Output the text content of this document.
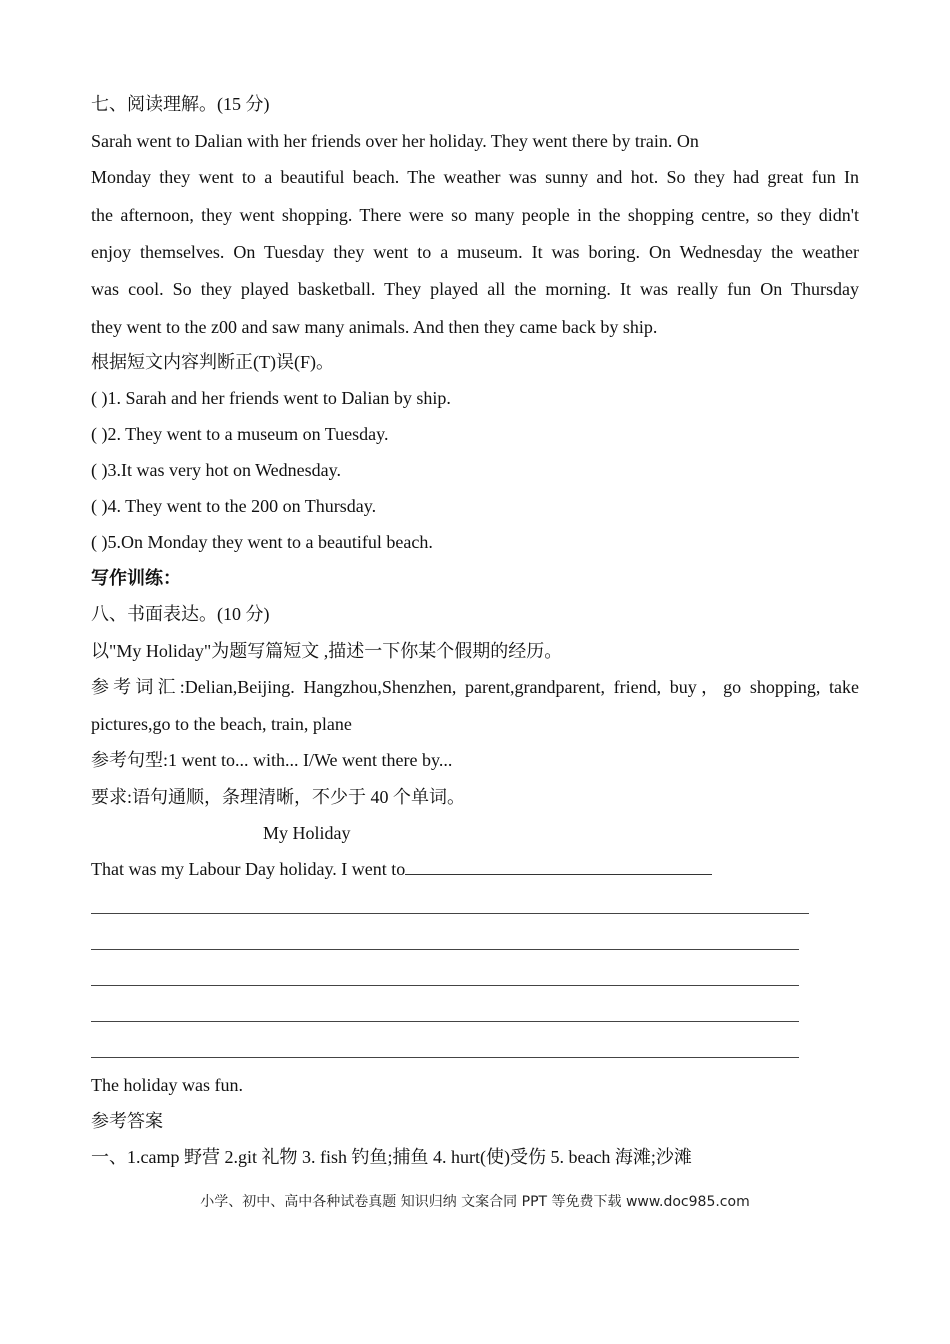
七、阅读理解。(15 分)
Sarah went to Dalian with her friends over her holiday. They went there by train. On
Monday they went to a beautiful beach. The weather was sunny and hot. So they had great fun In
the afternoon, they went shopping. There were so many people in the shopping centre, so they didn't
enjoy themselves. On Tuesday they went to a museum. It was boring. On Wednesday the weather
was cool. So they played basketball. They played all the morning. It was really fun On Thursday
they went to the z00 and saw many animals. And then they came back by ship.
根据短文内容判断正(T)误(F)。
( )1. Sarah and her friends went to Dalian by ship.
( )2. They went to a museum on Tuesday.
( )3.It was very hot on Wednesday.
( )4. They went to the 200 on Thursday.
( )5.On Monday they went to a beautiful beach.
写作训练：
八、书面表达。(10 分)
以"My Holiday"为题写篇短文 ,描述一下你某个假期的经历。
参考词汇:Delian,Beijing. Hangzhou,Shenzhen, parent,grandparent, friend, buy，go shopping, take
pictures,go to the beach, train, plane
参考句型:1 went to... with... I/We went there by...
要求:语句通顺，条理清晰，不少于 40 个单词。
My Holiday
That was my Labour Day holiday. I went to
The holiday was fun.
参考答案
一、1.camp 野营 2.git 礼物 3. fish 钓鱼;捕鱼 4. hurt(使)受伤 5. beach 海滩;沙滩
小学、初中、高中各种试卷真题 知识归纳 文案合同 PPT 等免费下载 www.doc985.com
